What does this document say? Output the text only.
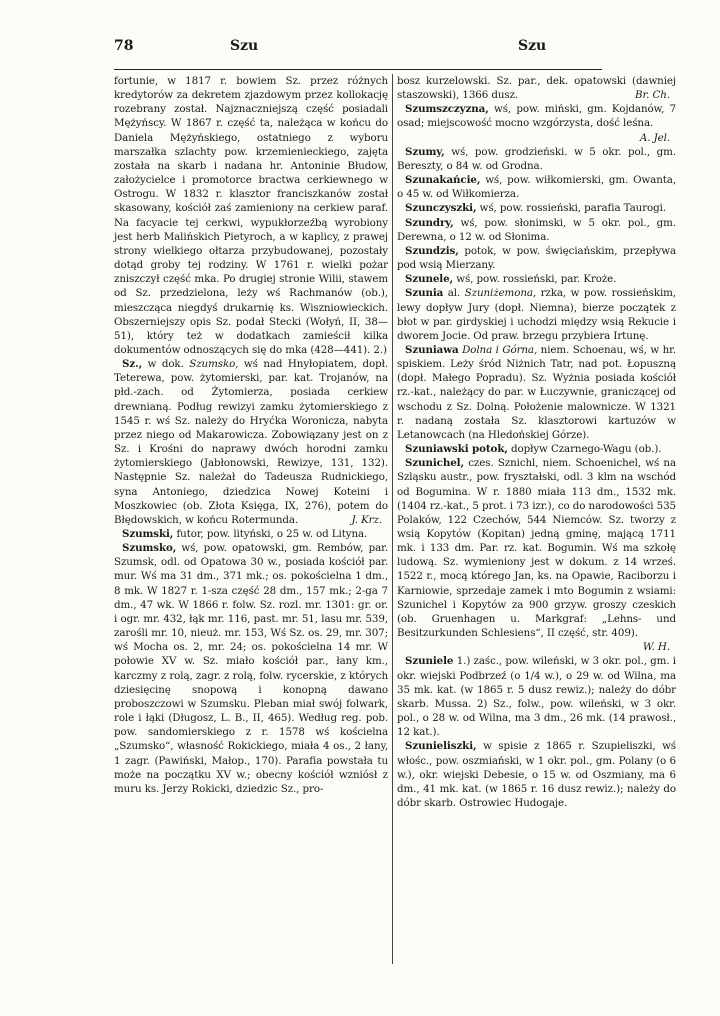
78	Szu	Szu

fortunie, w 1817 r. bowiem Sz. przez różnych kredytorów za dekretem zjazdowym przez kollokację rozebrany został. Najznaczniejszą część posiadali Mężyńscy. W 1867 r. część ta, należąca w końcu do Daniela Mężyńskiego, ostatniego z wyboru marszałka szlachty pow. krzemienieckiego, zajęta została na skarb i nadana hr. Antoninie Błudow, założycielce i promotorce bractwa cerkiewnego w Ostrogu. W 1832 r. klasztor franciszkanów został skasowany, kościół zaś zamieniony na cerkiew paraf. Na facyacie tej cerkwi, wypukłorzeźbą wyrobiony jest herb Malińskich Pietyroch, a w kaplicy, z prawej strony wielkiego ołtarza przybudowanej, pozostały dotąd groby tej rodziny. W 1761 r. wielki pożar zniszczył część mka. Po drugiej stronie Wilii, stawem od Sz. przedzielona, leży wś Rachmanów (ob.), mieszcząca niegdyś drukarnię ks. Wiszniowieckich. Obszerniejszy opis Sz. podał Stecki (Wołyń, II, 38—51), który też w dodatkach zamieścił kilka dokumentów odnoszących się do mka (428—441). 2.)

Sz., w dok. Szumsko, wś nad Hnyłopiatem, dopł. Teterewa, pow. żytomierski, par. kat. Trojanów, na płd.-zach. od Żytomierza, posiada cerkiew drewnianą. Podług rewizyi zamku żytomierskiego z 1545 r. wś Sz. należy do Hryćka Woronicza, nabyta przez niego od Makarowicza. Zobowiązany jest on z Sz. i Krośni do naprawy dwóch horodni zamku żytomierskiego (Jabłonowski, Rewizye, 131, 132). Następnie Sz. należał do Tadeusza Rudnickiego, syna Antoniego, dziedzica Nowej Koteini i Moszkowiec (ob. Złota Księga, IX, 276), potem do Błędowskich, w końcu Rotermunda.	J. Krz.

Szumski, futor, pow. lityński, o 25 w. od Litynа.

Szumsko, wś, pow. opatowski, gm. Rembów, par. Szumsk, odl. od Opatowa 30 w., posiada kościół par. mur. Wś ma 31 dm., 371 mk.; os. pokościelna 1 dm., 8 mk. W 1827 r. 1-sza część 28 dm., 157 mk.; 2-ga 7 dm., 47 wk. W 1866 r. folw. Sz. rozl. mr. 1301: gr. or. i ogr. mr. 432, łąk mr. 116, past. mr. 51, lasu mr. 539, zarośli mr. 10, nieuż. mr. 153, Wś Sz. os. 29, mr. 307; wś Mocha os. 2, mr. 24; os. pokościelna 14 mr. W połowie XV w. Sz. miało kościół par., łany km., karczmy z rolą, zagr. z rolą, folw. rycerskie, z których dziesięcinę snopową i konopną dawano proboszczowi w Szumsku. Pleban miał swój folwark, role i łąki (Długosz, L. B., II, 465). Według reg. pob. pow. sandomierskiego z r. 1578 wś kościelna „Szumsko“, własność Rokickiego, miała 4 os., 2 łany, 1 zagr. (Pawiński, Małop., 170). Parafia powstała tu może na początku XV w.; obecny kościół wzniósł z muru ks. Jerzy Rokicki, dziedzic Sz., pro-

bosz kurzelowski. Sz. par., dek. opatowski (dawniej staszowski), 1366 dusz.	Br. Ch.

Szumszczyzna, wś, pow. miński, gm. Kojdanów, 7 osad; miejscowość mocno wzgórzysta, dość leśna.
A. Jel.

Szumy, wś, pow. grodzieński. w 5 okr. pol., gm. Bereszty, o 84 w. od Grodna.

Szunakańcie, wś, pow. wiłkomierski, gm. Owanta, o 45 w. od Wiłkomierza.

Szunczyszki, wś, pow. rossieński, parafia Taurogi.

Szundry, wś, pow. słonimski, w 5 okr. pol., gm. Derewna, o 12 w. od Słonima.

Szundzis, potok, w pow. święciańskim, przepływa pod wsią Mierzany.

Szunele, wś, pow. rossieński, par. Kroże.

Szunia al. Szuniżemona, rzka, w pow. rossieńskim, lewy dopływ Jury (dopł. Niemna), bierze początek z błot w par. girdyskiej i uchodzi między wsią Rekucie i dworem Jocie. Od praw. brzegu przybiera Irtunę.

Szuniawa Dolna i Górna, niem. Schoenau, wś, w hr. spiskiem. Leży śród Niżnich Tatr, nad pot. Łopuszną (dopł. Małego Popradu). Sz. Wyżnia posiada kościół rz.-kat., należący do par. w Łuczywnie, graniczącej od wschodu z Sz. Dolną. Położenie malownicze. W 1321 r. nadaną została Sz. klasztorowi kartuzów w Letanowcach (na Hledońskiej Górze).

Szuniawski potok, dopływ Czarnego-Wagu (ob.).

Szunichel, czes. Sznichl, niem. Schoenichel, wś na Szląsku austr., pow. fryształski, odl. 3 klm na wschód od Bogumina. W r. 1880 miała 113 dm., 1532 mk. (1404 rz.-kat., 5 prot. i 73 izr.), co do narodowości 535 Polaków, 122 Czechów, 544 Niemców. Sz. tworzy z wsią Kopytów (Kopitan) jedną gminę, mającą 1711 mk. i 133 dm. Par. rz. kat. Bogumin. Wś ma szkołę ludową. Sz. wymieniony jest w dokum. z 14 wrześ. 1522 r., mocą którego Jan, ks. na Opawie, Raciborzu i Karniowie, sprzedaje zamek i mto Bogumin z wsiami: Szunichel i Kopytów za 900 grzyw. groszy czeskich (ob. Gruenhagen u. Markgraf: „Lehns- und Besitzurkunden Schlesiens“, II część, str. 409).
W. H.

Szuniele 1.) zaśc., pow. wileński, w 3 okr. pol., gm. i okr. wiejski Podbrzeź (o 1/4 w.), o 29 w. od Wilna, ma 35 mk. kat. (w 1865 r. 5 dusz rewiz.); należy do dóbr skarb. Mussa. 2) Sz., folw., pow. wileński, w 3 okr. pol., o 28 w. od Wilna, ma 3 dm., 26 mk. (14 prawosł., 12 kat.).

Szunieliszki, w spisie z 1865 r. Szupieliszki, wś włośc., pow. oszmiański, w 1 okr. pol., gm. Polany (o 6 w.), okr. wiejski Debesie, o 15 w. od Oszmiany, ma 6 dm., 41 mk. kat. (w 1865 r. 16 dusz rewiz.); należy do dóbr skarb. Ostrowiec Hudogaje.
